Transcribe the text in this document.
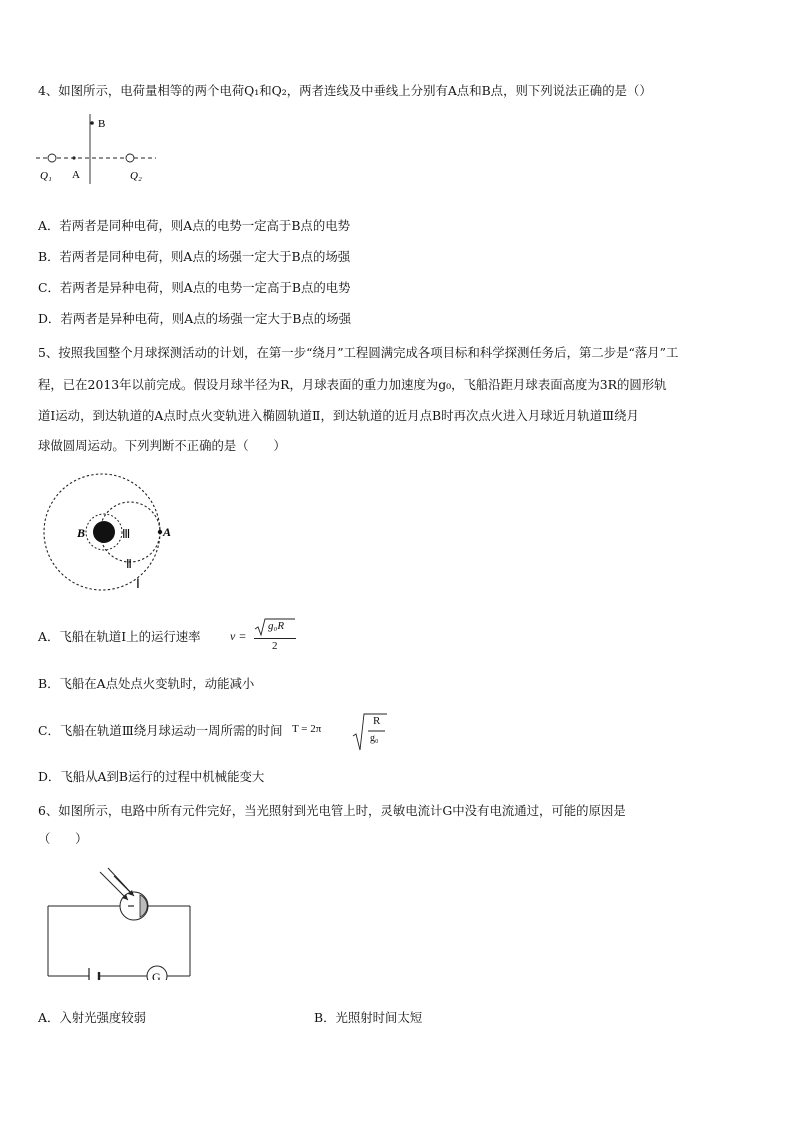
4、如图所示，电荷量相等的两个电荷Q₁和Q₂，两者连线及中垂线上分别有A点和B点，则下列说法正确的是（）
B
Q₁ A	Q₂
A．若两者是同种电荷，则A点的电势一定高于B点的电势
B．若两者是同种电荷，则A点的场强一定大于B点的场强
C．若两者是异种电荷，则A点的电势一定高于B点的电势
D．若两者是异种电荷，则A点的场强一定大于B点的场强
5、按照我国整个月球探测活动的计划，在第一步“绕月”工程圆满完成各项目标和科学探测任务后，第二步是“落月”工
程，已在2013年以前完成。假设月球半径为R，月球表面的重力加速度为g₀，飞船沿距月球表面高度为3R的圆形轨
道Ⅰ运动，到达轨道的A点时点火变轨进入椭圆轨道Ⅱ，到达轨道的近月点B时再次点火进入月球近月轨道Ⅲ绕月
球做圆周运动。下列判断不正确的是（　　）
B	A
Ⅲ
Ⅱ
Ⅰ
A．飞船在轨道Ⅰ上的运行速率 v =
g₀R
2
B．飞船在A点处点火变轨时，动能减小
C．飞船在轨道Ⅲ绕月球运动一周所需的时间 T = 2π
R
g₀
D．飞船从A到B运行的过程中机械能变大
6、如图所示，电路中所有元件完好，当光照射到光电管上时，灵敏电流计G中没有电流通过，可能的原因是
（　　）
G
A．入射光强度较弱	B．光照射时间太短
